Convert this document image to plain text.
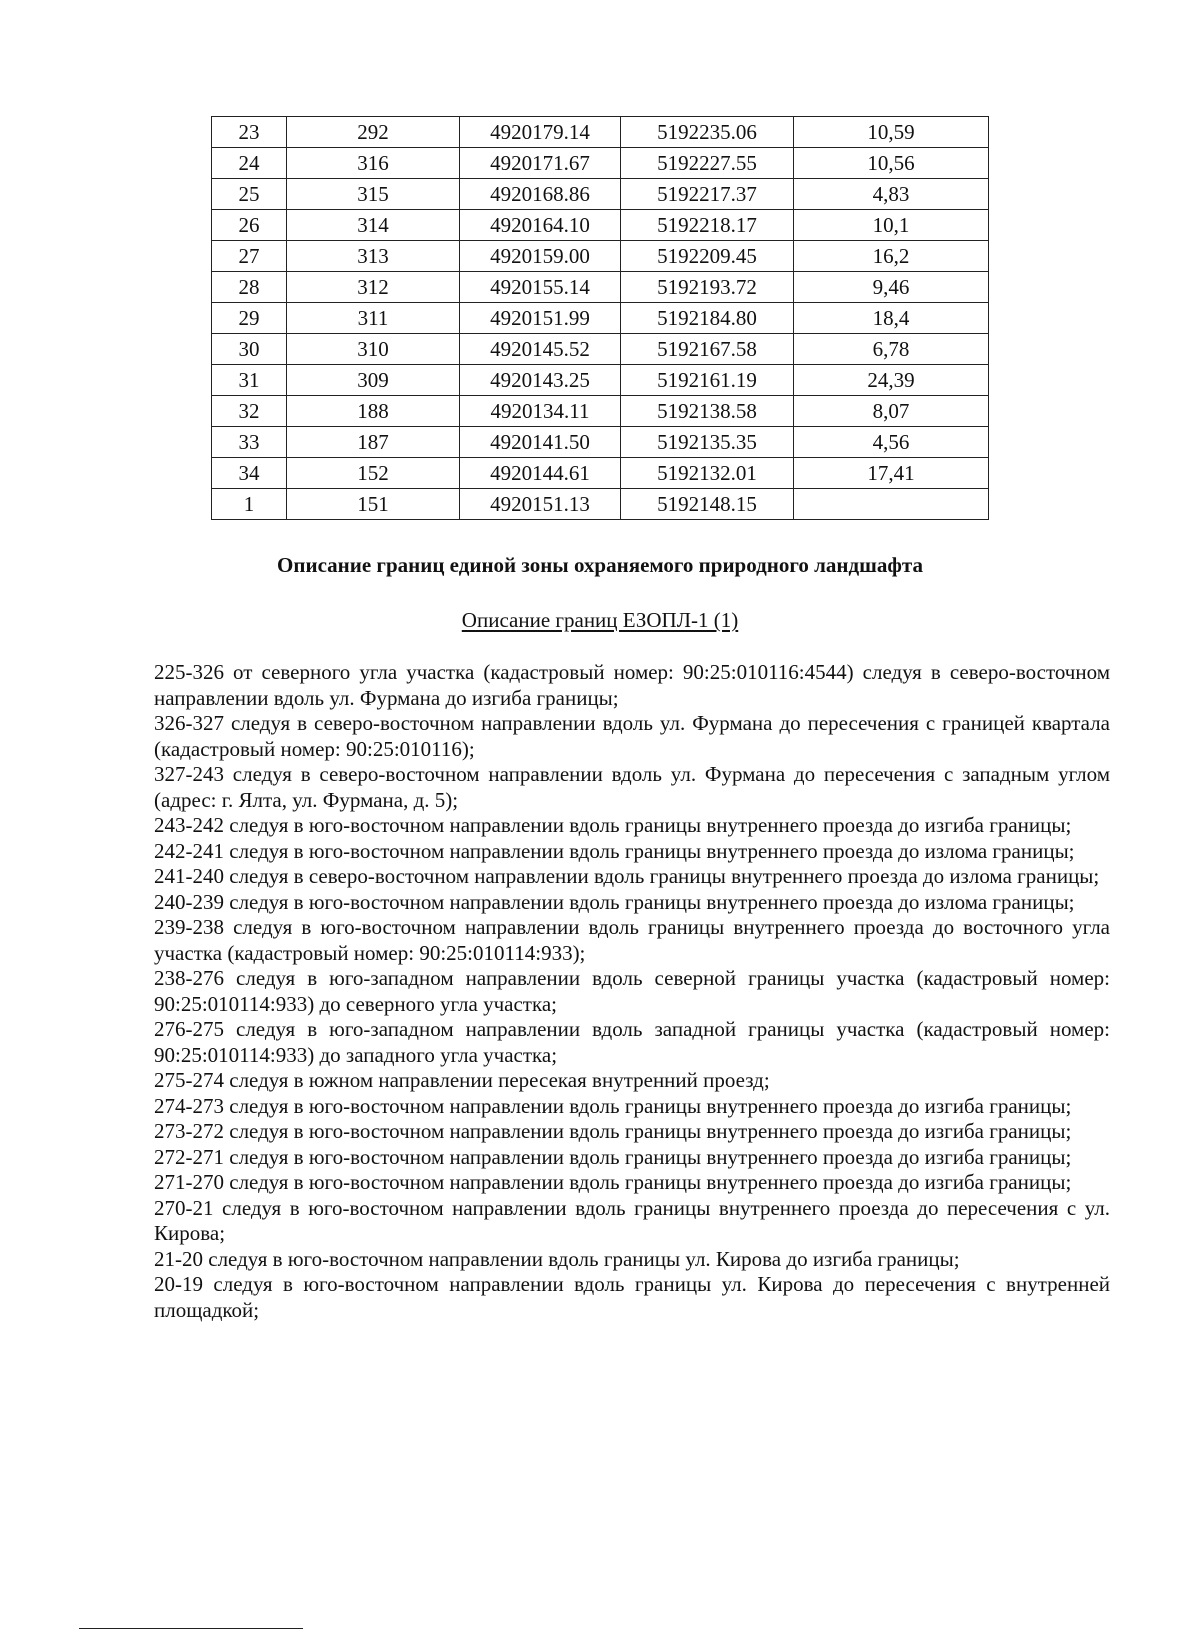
23	292	4920179.14	5192235.06	10,59
24	316	4920171.67	5192227.55	10,56
25	315	4920168.86	5192217.37	4,83
26	314	4920164.10	5192218.17	10,1
27	313	4920159.00	5192209.45	16,2
28	312	4920155.14	5192193.72	9,46
29	311	4920151.99	5192184.80	18,4
30	310	4920145.52	5192167.58	6,78
31	309	4920143.25	5192161.19	24,39
32	188	4920134.11	5192138.58	8,07
33	187	4920141.50	5192135.35	4,56
34	152	4920144.61	5192132.01	17,41
1	151	4920151.13	5192148.15	
Описание границ единой зоны охраняемого природного ландшафта
Описание границ ЕЗОПЛ-1 (1)

225-326 от северного угла участка (кадастровый номер: 90:25:010116:4544) следуя в северо-восточном направлении вдоль ул. Фурмана до изгиба границы;

326-327 следуя в северо-восточном направлении вдоль ул. Фурмана до пересечения с границей квартала (кадастровый номер: 90:25:010116);

327-243 следуя в северо-восточном направлении вдоль ул. Фурмана до пересечения с западным углом (адрес: г. Ялта, ул. Фурмана, д. 5);

243-242 следуя в юго-восточном направлении вдоль границы внутреннего проезда до изгиба границы;

242-241 следуя в юго-восточном направлении вдоль границы внутреннего проезда до излома границы;

241-240 следуя в северо-восточном направлении вдоль границы внутреннего проезда до излома границы;

240-239 следуя в юго-восточном направлении вдоль границы внутреннего проезда до излома границы;

239-238 следуя в юго-восточном направлении вдоль границы внутреннего проезда до восточного угла участка (кадастровый номер: 90:25:010114:933);

238-276 следуя в юго-западном направлении вдоль северной границы участка (кадастровый номер: 90:25:010114:933) до северного угла участка;

276-275 следуя в юго-западном направлении вдоль западной границы участка (кадастровый номер: 90:25:010114:933) до западного угла участка;

275-274 следуя в южном направлении пересекая внутренний проезд;

274-273 следуя в юго-восточном направлении вдоль границы внутреннего проезда до изгиба границы;

273-272 следуя в юго-восточном направлении вдоль границы внутреннего проезда до изгиба границы;

272-271 следуя в юго-восточном направлении вдоль границы внутреннего проезда до изгиба границы;

271-270 следуя в юго-восточном направлении вдоль границы внутреннего проезда до изгиба границы;

270-21 следуя в юго-восточном направлении вдоль границы внутреннего проезда до пересечения с ул. Кирова;

21-20 следуя в юго-восточном направлении вдоль границы ул. Кирова до изгиба границы;

20-19 следуя в юго-восточном направлении вдоль границы ул. Кирова до пересечения с внутренней площадкой;
